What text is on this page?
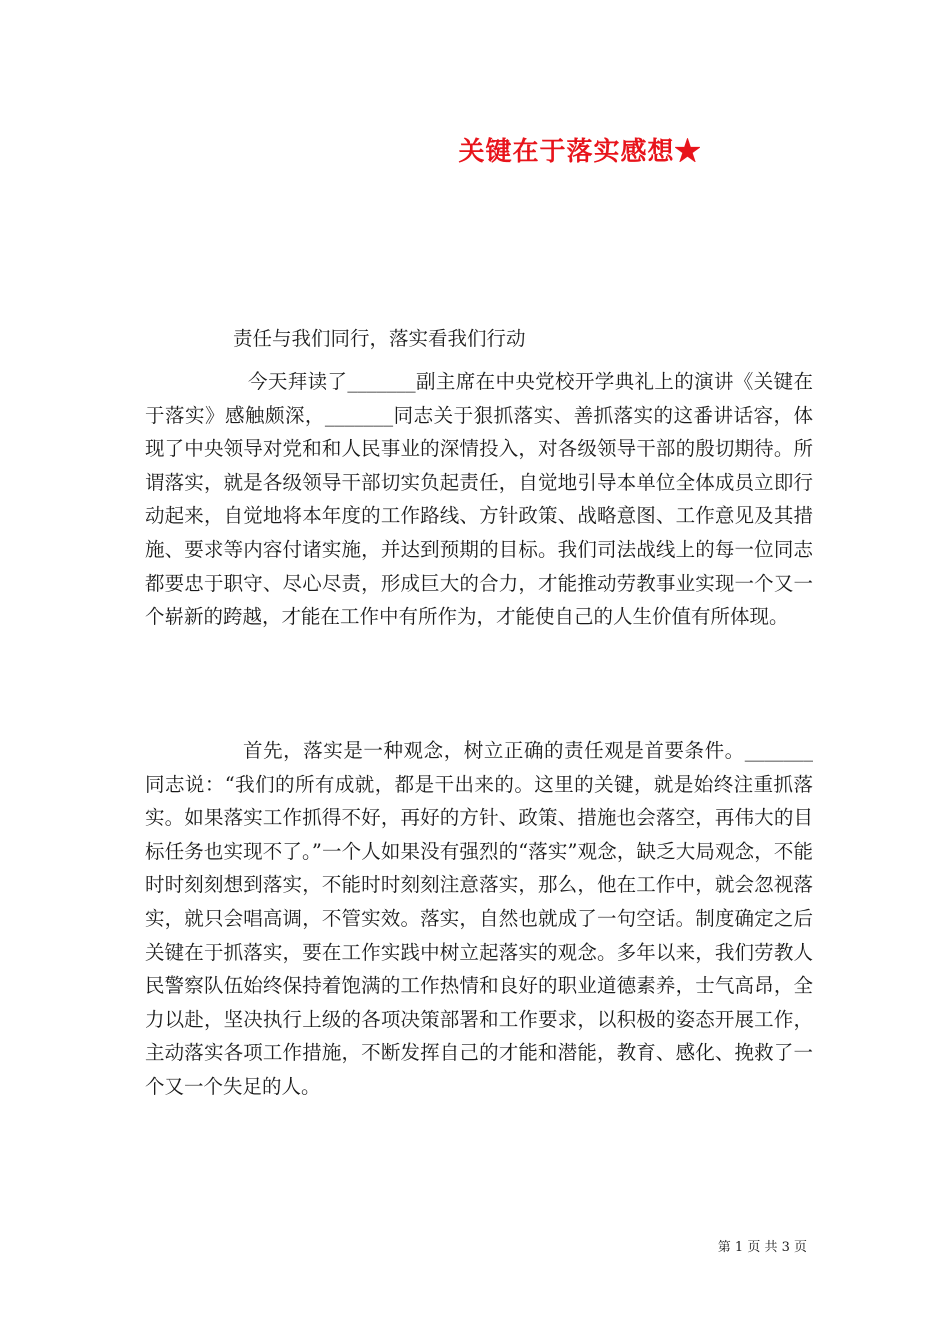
关键在于落实感想★
责任与我们同行，落实看我们行动
今天拜读了_______副主席在中央党校开学典礼上的演讲《关键在于落实》感触颇深，_______同志关于狠抓落实、善抓落实的这番讲话容，体现了中央领导对党和和人民事业的深情投入，对各级领导干部的殷切期待。所谓落实，就是各级领导干部切实负起责任，自觉地引导本单位全体成员立即行动起来，自觉地将本年度的工作路线、方针政策、战略意图、工作意见及其措施、要求等内容付诸实施，并达到预期的目标。我们司法战线上的每一位同志都要忠于职守、尽心尽责，形成巨大的合力，才能推动劳教事业实现一个又一个崭新的跨越，才能在工作中有所作为，才能使自己的人生价值有所体现。
首先，落实是一种观念，树立正确的责任观是首要条件。_______同志说：“我们的所有成就，都是干出来的。这里的关键，就是始终注重抓落实。如果落实工作抓得不好，再好的方针、政策、措施也会落空，再伟大的目标任务也实现不了。”一个人如果没有强烈的“落实”观念，缺乏大局观念，不能时时刻刻想到落实，不能时时刻刻注意落实，那么，他在工作中，就会忽视落实，就只会唱高调，不管实效。落实，自然也就成了一句空话。制度确定之后关键在于抓落实，要在工作实践中树立起落实的观念。多年以来，我们劳教人民警察队伍始终保持着饱满的工作热情和良好的职业道德素养，士气高昂，全力以赴，坚决执行上级的各项决策部署和工作要求，以积极的姿态开展工作，主动落实各项工作措施，不断发挥自己的才能和潜能，教育、感化、挽救了一个又一个失足的人。
第 1 页 共 3 页
